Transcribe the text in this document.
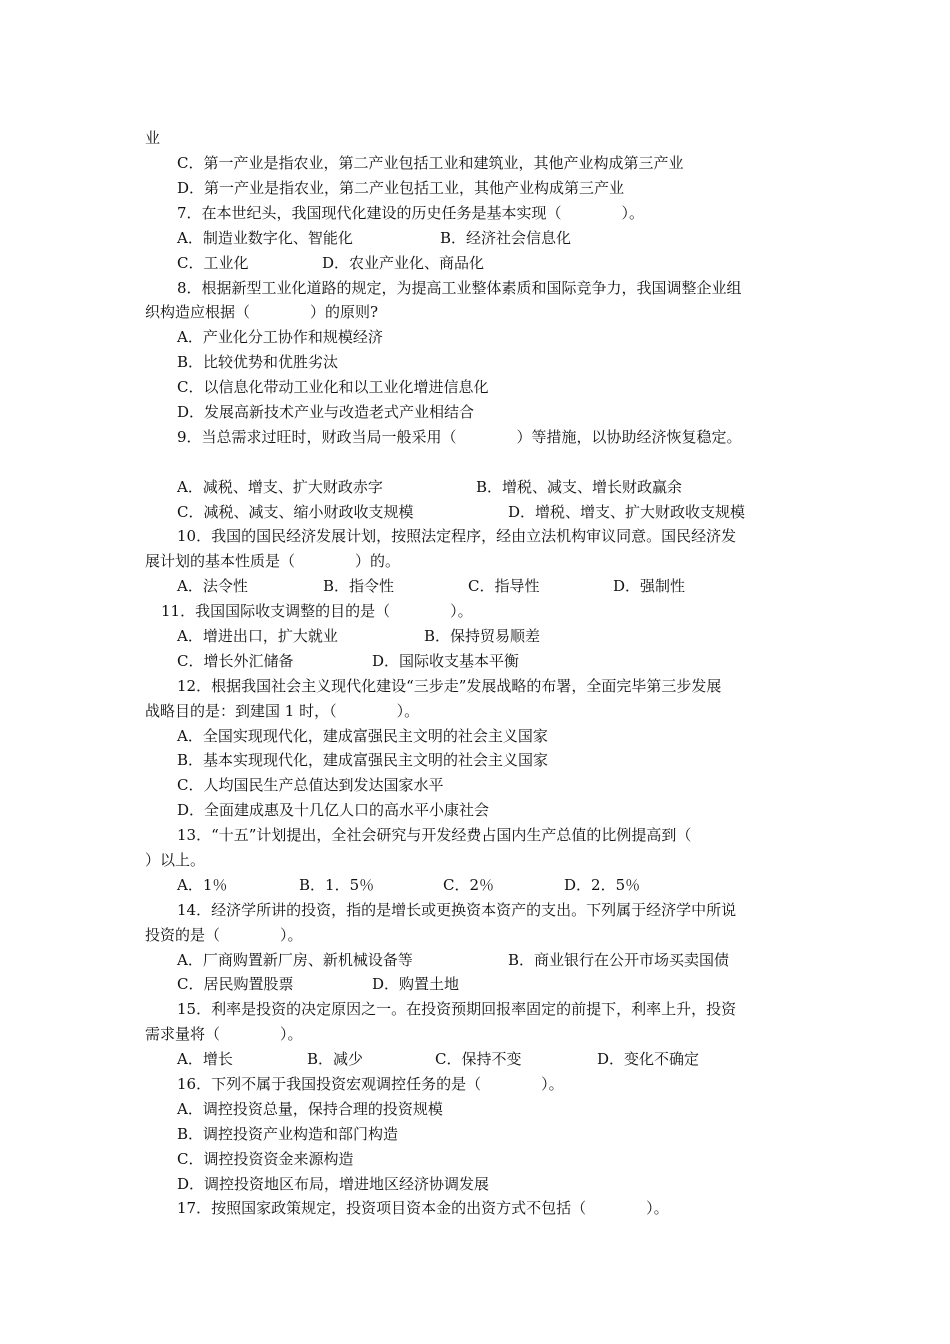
业
C．第一产业是指农业，第二产业包括工业和建筑业，其他产业构成第三产业
D．第一产业是指农业，第二产业包括工业，其他产业构成第三产业
7．在本世纪头，我国现代化建设的历史任务是基本实现（　　　　）。
A．制造业数字化、智能化	B．经济社会信息化
C．工业化	D．农业产业化、商品化
8．根据新型工业化道路的规定，为提高工业整体素质和国际竞争力，我国调整企业组
织构造应根据（　　　　）的原则?
A．产业化分工协作和规模经济
B．比较优势和优胜劣汰
C．以信息化带动工业化和以工业化增进信息化
D．发展高新技术产业与改造老式产业相结合
9．当总需求过旺时，财政当局一般采用（　　　　）等措施，以协助经济恢复稳定。
A．减税、增支、扩大财政赤字	B．增税、减支、增长财政赢余
C．减税、减支、缩小财政收支规模	D．增税、增支、扩大财政收支规模
10．我国的国民经济发展计划，按照法定程序，经由立法机构审议同意。国民经济发
展计划的基本性质是（　　　　）的。
A．法令性	B．指令性	C．指导性	D．强制性
11．我国国际收支调整的目的是（　　　　）。
A．增进出口，扩大就业	B．保持贸易顺差
C．增长外汇储备	D．国际收支基本平衡
12．根据我国社会主义现代化建设“三步走”发展战略的布署，全面完毕第三步发展
战略目的是：到建国 1 时，（　　　　）。
A．全国实现现代化，建成富强民主文明的社会主义国家
B．基本实现现代化，建成富强民主文明的社会主义国家
C．人均国民生产总值达到发达国家水平
D．全面建成惠及十几亿人口的高水平小康社会
13．“十五”计划提出，全社会研究与开发经费占国内生产总值的比例提高到（
）以上。
A．1％	B．1．5％	C．2％	D．2．5％
14．经济学所讲的投资，指的是增长或更换资本资产的支出。下列属于经济学中所说
投资的是（　　　　）。
A．厂商购置新厂房、新机械设备等	B．商业银行在公开市场买卖国债
C．居民购置股票	D．购置土地
15．利率是投资的决定原因之一。在投资预期回报率固定的前提下，利率上升，投资
需求量将（　　　　）。
A．增长	B．减少	C．保持不变	D．变化不确定
16．下列不属于我国投资宏观调控任务的是（　　　　）。
A．调控投资总量，保持合理的投资规模
B．调控投资产业构造和部门构造
C．调控投资资金来源构造
D．调控投资地区布局，增进地区经济协调发展
17．按照国家政策规定，投资项目资本金的出资方式不包括（　　　　）。
